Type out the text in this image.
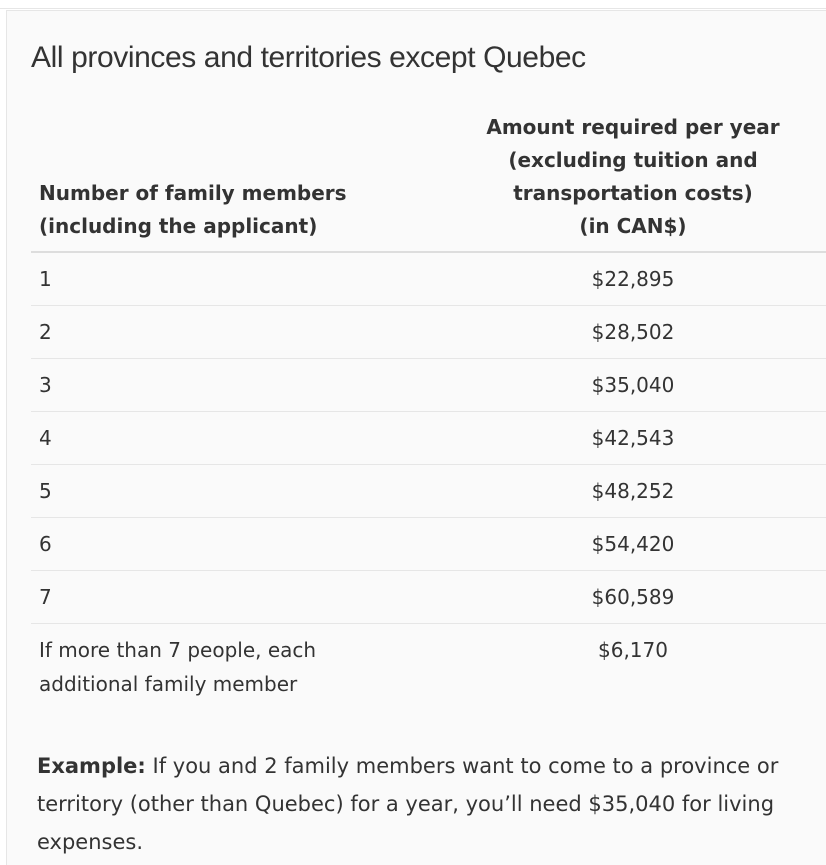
All provinces and territories except Quebec
Number of family members
(including the applicant)	Amount required per year
(excluding tuition and
transportation costs)
(in CAN$)
1	$22,895
2	$28,502
3	$35,040
4	$42,543
5	$48,252
6	$54,420
7	$60,589
If more than 7 people, each
additional family member	$6,170

Example: If you and 2 family members want to come to a province or territory (other than Quebec) for a year, you’ll need $35,040 for living expenses.
